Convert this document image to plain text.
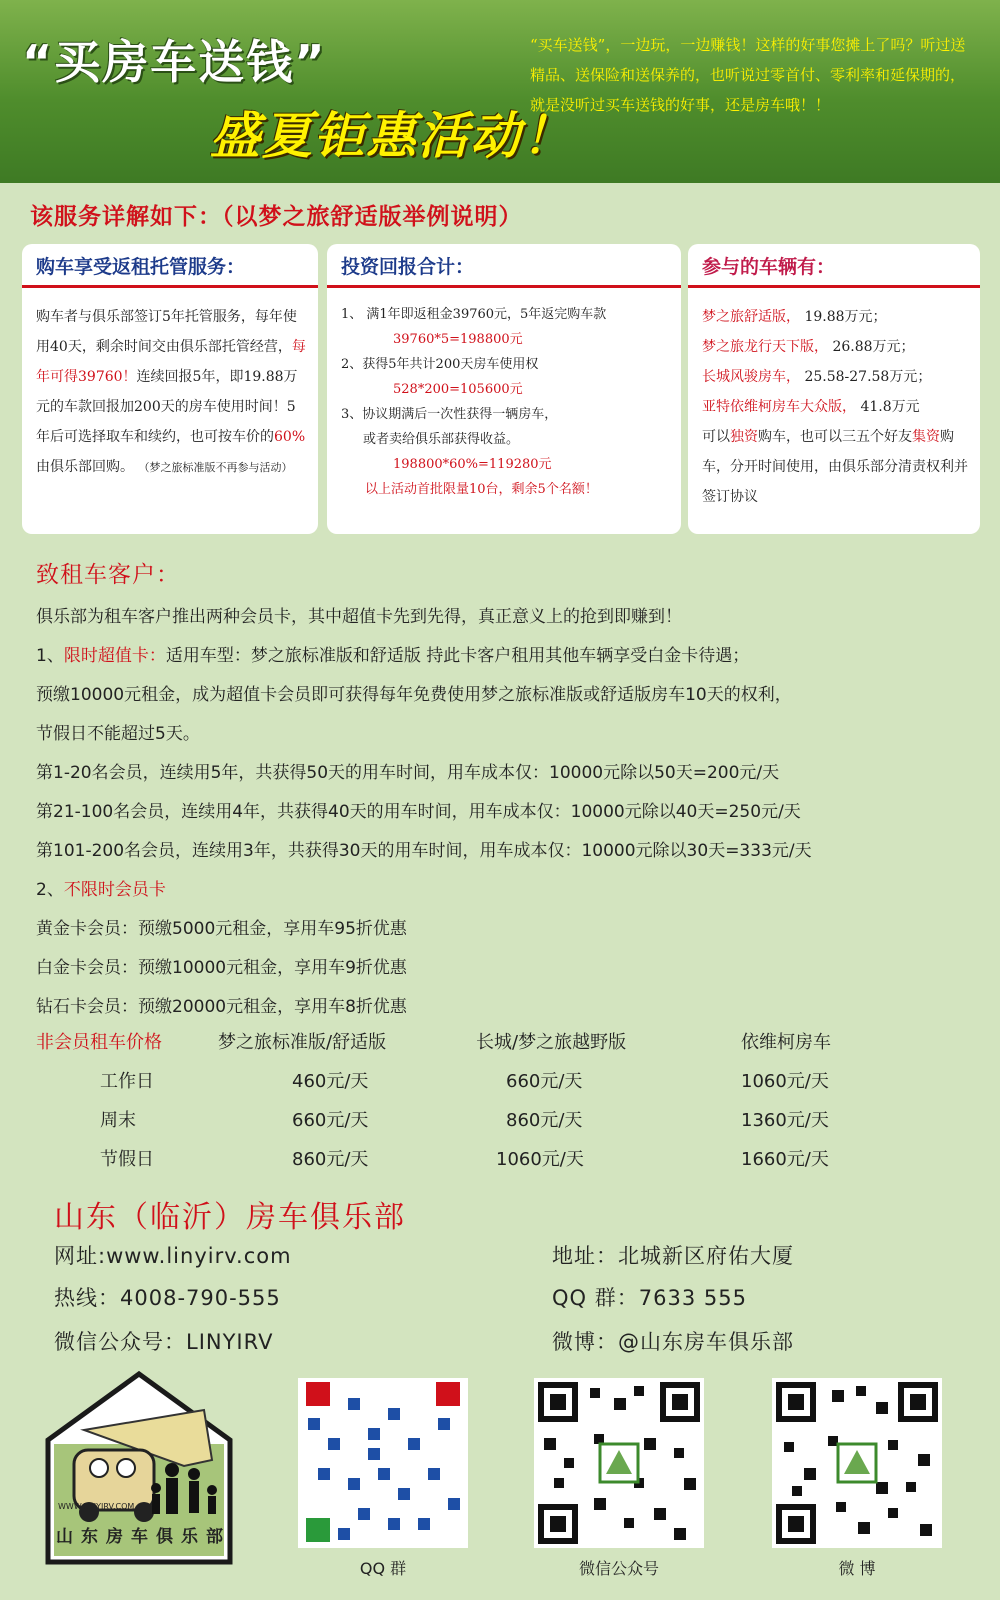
“买房车送钱”
盛夏钜惠活动！
“买车送钱”，一边玩，一边赚钱！这样的好事您摊上了吗？听过送精品、送保险和送保养的，也听说过零首付、零利率和延保期的，就是没听过买车送钱的好事，还是房车哦！！
该服务详解如下：（以梦之旅舒适版举例说明）
购车享受返租托管服务：
购车者与俱乐部签订5年托管服务，每年使用40天，剩余时间交由俱乐部托管经营，每年可得39760！连续回报5年，即19.88万元的车款回报加200天的房车使用时间！5年后可选择取车和续约，也可按车价的60%由俱乐部回购。 （梦之旅标准版不再参与活动）
投资回报合计：
1、 满1年即返租金39760元，5年返完购车款
39760*5=198800元
2、获得5年共计200天房车使用权
528*200=105600元
3、协议期满后一次性获得一辆房车，
或者卖给俱乐部获得收益。
198800*60%=119280元
以上活动首批限量10台，剩余5个名额！
参与的车辆有：
梦之旅舒适版， 19.88万元；
梦之旅龙行天下版， 26.88万元；
长城风骏房车， 25.58-27.58万元；
亚特依维柯房车大众版， 41.8万元
可以独资购车，也可以三五个好友集资购车，分开时间使用，由俱乐部分清责权利并签订协议
致租车客户：
俱乐部为租车客户推出两种会员卡，其中超值卡先到先得，真正意义上的抢到即赚到！
1、限时超值卡：适用车型：梦之旅标准版和舒适版 持此卡客户租用其他车辆享受白金卡待遇；
预缴10000元租金，成为超值卡会员即可获得每年免费使用梦之旅标准版或舒适版房车10天的权利，
节假日不能超过5天。
第1-20名会员，连续用5年，共获得50天的用车时间，用车成本仅：10000元除以50天=200元/天
第21-100名会员，连续用4年，共获得40天的用车时间，用车成本仅：10000元除以40天=250元/天
第101-200名会员，连续用3年，共获得30天的用车时间，用车成本仅：10000元除以30天=333元/天
2、不限时会员卡
黄金卡会员：预缴5000元租金，享用车95折优惠
白金卡会员：预缴10000元租金，享用车9折优惠
钻石卡会员：预缴20000元租金，享用车8折优惠
非会员租车价格	梦之旅标准版/舒适版	长城/梦之旅越野版	依维柯房车
工作日	460元/天	660元/天	1060元/天
周末	660元/天	860元/天	1360元/天
节假日	860元/天	1060元/天	1660元/天
山东（临沂）房车俱乐部
网址:www.linyirv.com
热线：4008-790-555
微信公众号：LINYIRV
地址：北城新区府佑大厦
QQ 群：7633 555
微博：@山东房车俱乐部
WWW.LINYIRV.COM
山东房车俱乐部
QQ 群	微信公众号	微 博
